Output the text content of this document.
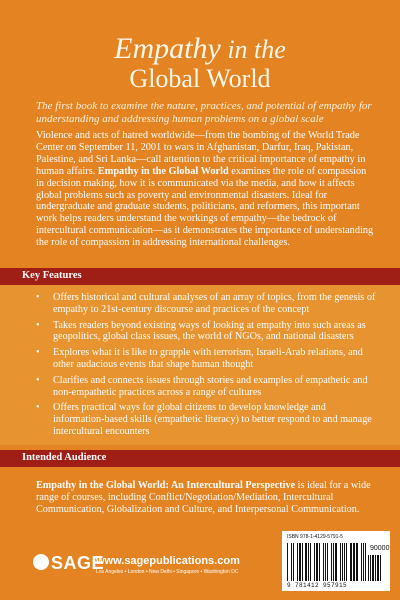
Empathy in the
Global World
The first book to examine the nature, practices, and potential of empathy for understanding and addressing human problems on a global scale
Violence and acts of hatred worldwide—from the bombing of the World Trade Center on September 11, 2001 to wars in Afghanistan, Darfur, Iraq, Pakistan, Palestine, and Sri Lanka—call attention to the critical importance of empathy in human affairs. Empathy in the Global World examines the role of compassion in decision making, how it is communicated via the media, and how it affects global problems such as poverty and environmental disasters. Ideal for undergraduate and graduate students, politicians, and reformers, this important work helps readers understand the workings of empathy—the bedrock of intercultural communication—as it demonstrates the importance of understanding the role of compassion in addressing international challenges.
Key Features
• Offers historical and cultural analyses of an array of topics, from the genesis of empathy to 21st-century discourse and practices of the concept
• Takes readers beyond existing ways of looking at empathy into such areas as geopolitics, global class issues, the world of NGOs, and national disasters
• Explores what it is like to grapple with terrorism, Israeli-Arab relations, and other audacious events that shape human thought
• Clarifies and connects issues through stories and examples of empathetic and non-empathetic practices across a range of cultures
• Offers practical ways for global citizens to develop knowledge and information-based skills (empathetic literacy) to better respond to and manage intercultural encounters
Intended Audience
Empathy in the Global World: An Intercultural Perspective is ideal for a wide range of courses, including Conflict/Negotiation/Mediation, Intercultural Communication, Globalization and Culture, and Interpersonal Communication.
SAGE
www.sagepublications.com
Los Angeles • London • New Delhi • Singapore • Washington DC
ISBN 978-1-4129-5791-5
90000
9 781412 957915
